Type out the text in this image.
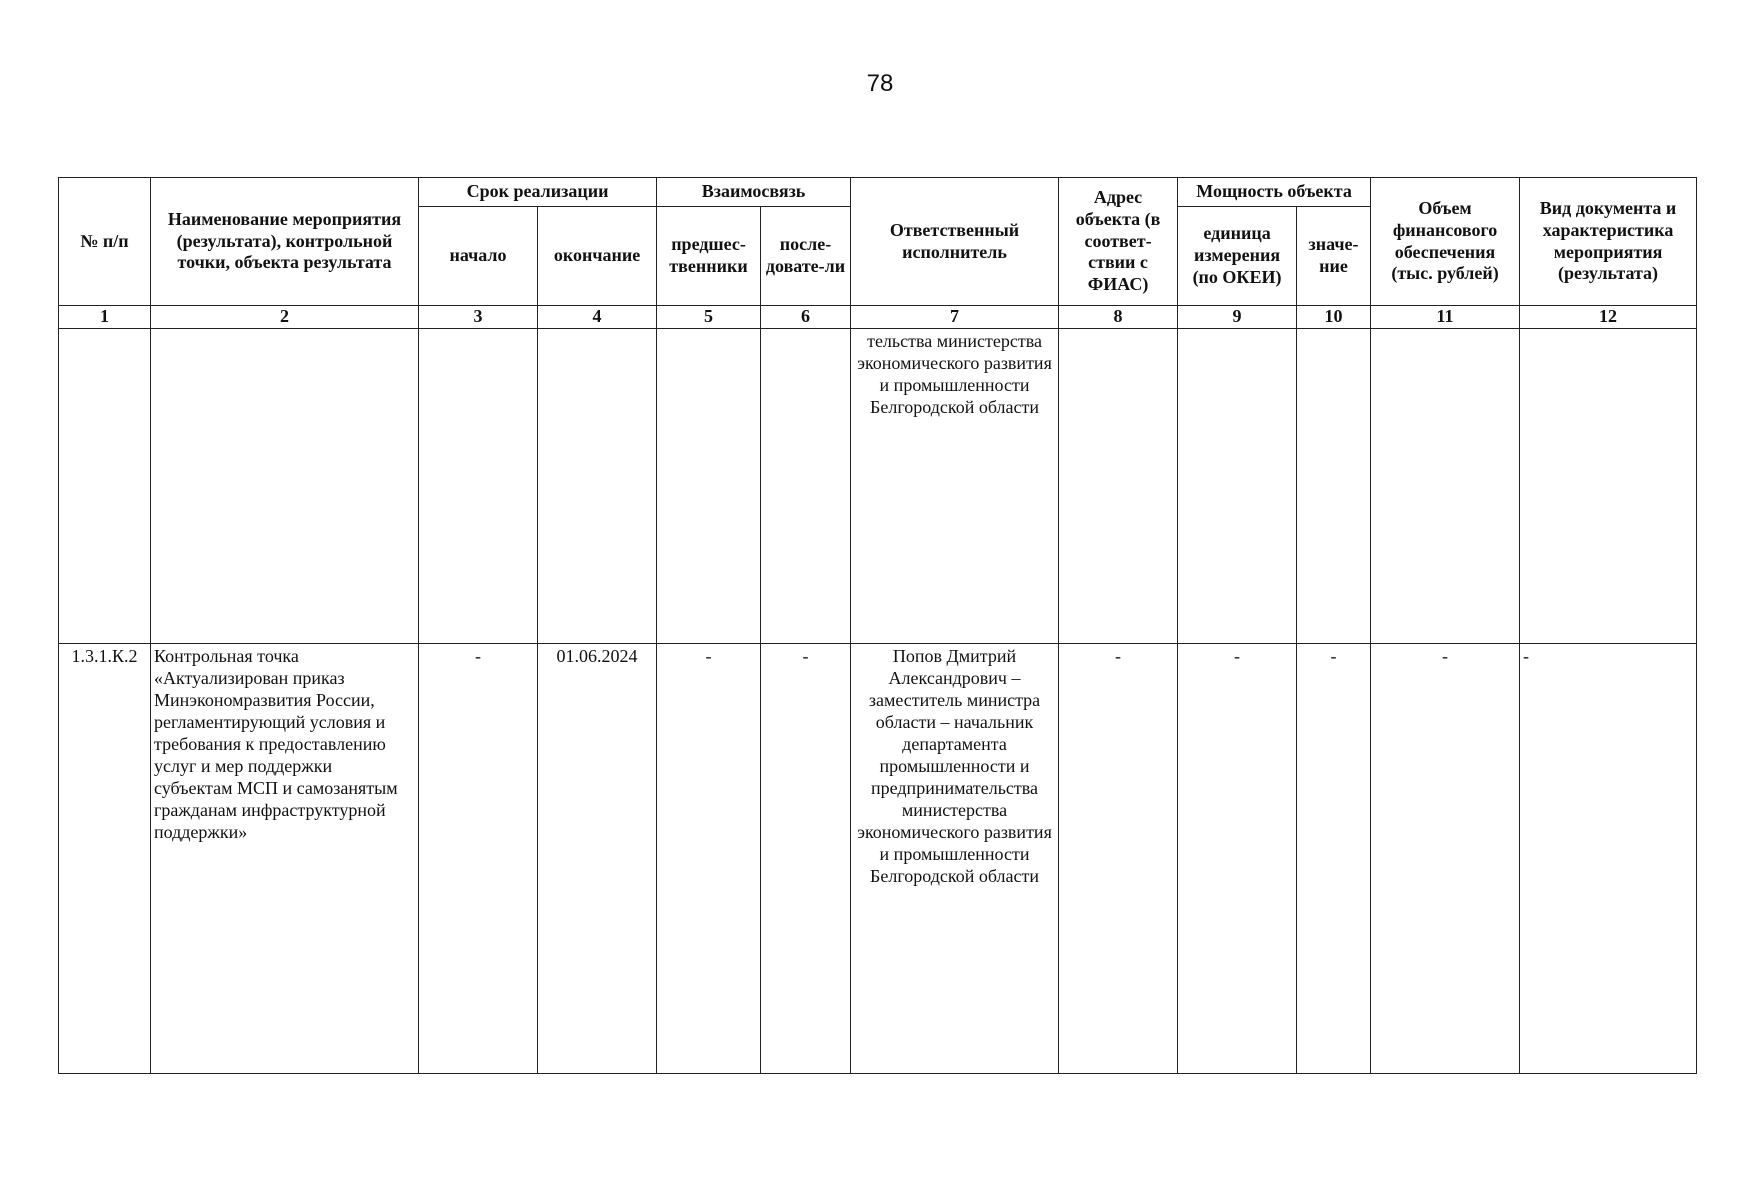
78
№ п/п	Наименование мероприятия (результата), контрольной точки, объекта результата	Срок реализации		Взаимосвязь		Ответственный исполнитель	Адрес объекта (в соответ-ствии с ФИАС)	Мощность объекта		Объем финансового обеспечения (тыс. рублей)	Вид документа и характеристика мероприятия (результата)
		начало	окончание	предшес-твенники	после-довате-ли			единица измерения (по ОКЕИ)	значе-ние		
1	2	3	4	5	6	7	8	9	10	11	12
						тельства министерства экономического развития и промышленности Белгородской области					
1.3.1.К.2	Контрольная точка «Актуализирован приказ Минэкономразвития России, регламентирующий условия и требования к предоставлению услуг и мер поддержки субъектам МСП и самозанятым гражданам инфраструктурной поддержки»	-	01.06.2024	-	-	Попов Дмитрий Александрович – заместитель министра области – начальник департамента промышленности и предпринимательства министерства экономического развития и промышленности Белгородской области	-	-	-	-	-
